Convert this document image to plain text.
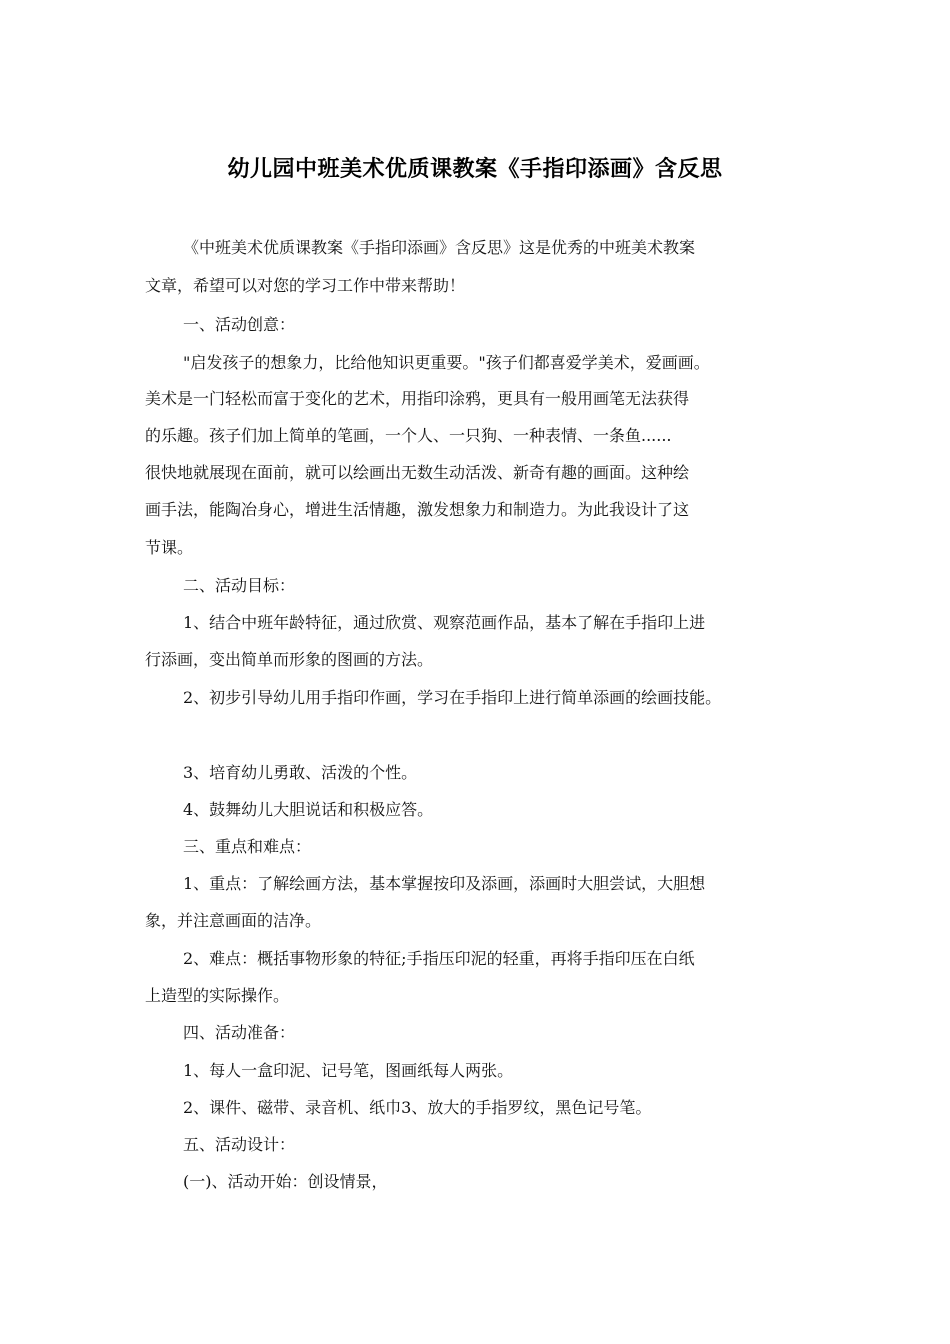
幼儿园中班美术优质课教案《手指印添画》含反思
《中班美术优质课教案《手指印添画》含反思》这是优秀的中班美术教案
文章，希望可以对您的学习工作中带来帮助！
一、活动创意：
"启发孩子的想象力，比给他知识更重要。"孩子们都喜爱学美术，爱画画。
美术是一门轻松而富于变化的艺术，用指印涂鸦，更具有一般用画笔无法获得
的乐趣。孩子们加上简单的笔画，一个人、一只狗、一种表情、一条鱼......
很快地就展现在面前，就可以绘画出无数生动活泼、新奇有趣的画面。这种绘
画手法，能陶冶身心，增进生活情趣，激发想象力和制造力。为此我设计了这
节课。
二、活动目标：
1、结合中班年龄特征，通过欣赏、观察范画作品，基本了解在手指印上进
行添画，变出简单而形象的图画的方法。
2、初步引导幼儿用手指印作画，学习在手指印上进行简单添画的绘画技能。
3、培育幼儿勇敢、活泼的个性。
4、鼓舞幼儿大胆说话和积极应答。
三、重点和难点：
1、重点：了解绘画方法，基本掌握按印及添画，添画时大胆尝试，大胆想
象，并注意画面的洁净。
2、难点：概括事物形象的特征;手指压印泥的轻重，再将手指印压在白纸
上造型的实际操作。
四、活动准备：
1、每人一盒印泥、记号笔，图画纸每人两张。
2、课件、磁带、录音机、纸巾3、放大的手指罗纹，黑色记号笔。
五、活动设计：
(一)、活动开始：创设情景，
